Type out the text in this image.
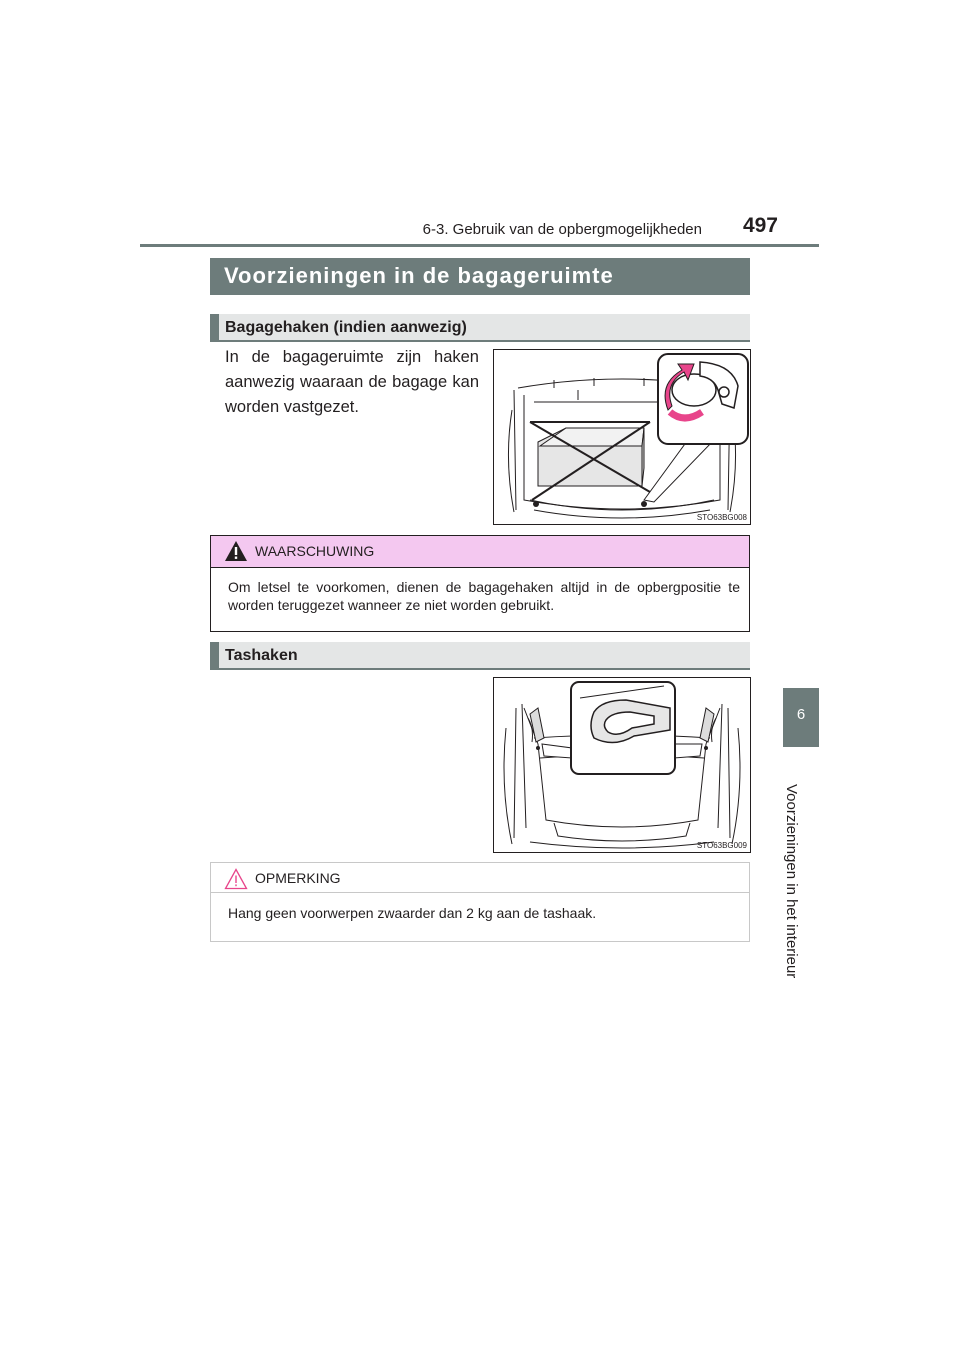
6-3. Gebruik van de opbergmogelijkheden	497
6
Voorzieningen in het interieur
Voorzieningen in de bagageruimte
Bagagehaken (indien aanwezig)
In de bagageruimte zijn haken aanwezig waaraan de bagage kan worden vastgezet.
STO63BG008
WAARSCHUWING
Om letsel te voorkomen, dienen de bagagehaken altijd in de opbergpositie te worden teruggezet wanneer ze niet worden gebruikt.
Tashaken
STO63BG009
OPMERKING
Hang geen voorwerpen zwaarder dan 2 kg aan de tashaak.
